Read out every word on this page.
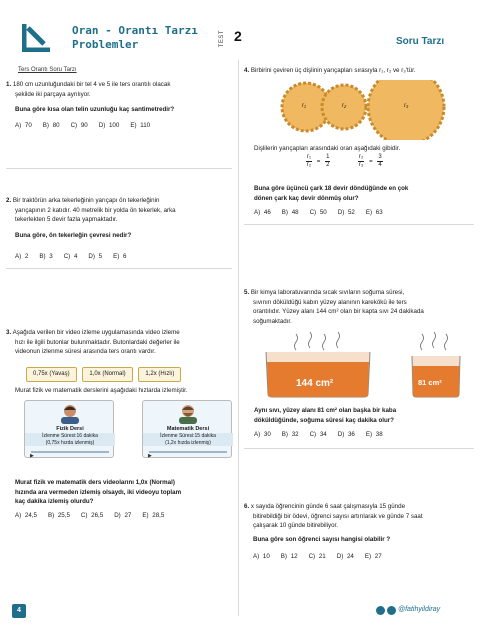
Oran - Orantı Tarzı
Problemler	TEST 2	Soru Tarzı
Ters Orantı Soru Tarzı
1. 180 cm uzunluğundaki bir tel 4 ve 5 ile ters orantılı olacak
şekilde iki parçaya ayrılıyor.
Buna göre kısa olan telin uzunluğu kaç santimetredir?
A) 70 B) 80 C) 90 D) 100 E) 110
2. Bir traktörün arka tekerleğinin yarıçapı ön tekerleğinin
yarıçapının 2 katıdır. 40 metrelik bir yolda ön tekerlek, arka
tekerlekten 5 devir fazla yapmaktadır.
Buna göre, ön tekerleğin çevresi nedir?
A) 2 B) 3 C) 4 D) 5 E) 6
3. Aşağıda verilen bir video izleme uygulamasında video izleme
hızı ile ilgili butonlar bulunmaktadır. Butonlardaki değerler ile
videonun izlenme süresi arasında ters orantı vardır.
0,75x (Yavaş)	1,0x (Normal)	1,2x (Hızlı)
Murat fizik ve matematik derslerini aşağıdaki hızlarda izlemiştir.
Fizik Dersi
İzlenme Süresi:16 dakika
(0,75x hızda izlenmiş)
▶
Matematik Dersi
İzlenme Süresi:15 dakika
(1,2x hızda izlenmiş)
▶
Murat fizik ve matematik ders videolarını 1,0x (Normal)
hızında ara vermeden izlemiş olsaydı, iki videoyu toplam
kaç dakika izlemiş olurdu?
A) 24,5 B) 25,5 C) 26,5 D) 27 E) 28,5
4. Birbirini çeviren üç dişlinin yarıçapları sırasıyla r₁, r₂ ve r₃'tür.
r₁	r₂	r₃
Dişlilerin yarıçapları arasındaki oran aşağıdaki gibidir.
$\frac{\text{r₁}}{\text{r₂}} = \frac{1}{2}$	$\frac{\text{r₂}}{\text{r₃}} = \frac{3}{4}$
Buna göre üçüncü çark 18 devir döndüğünde en çok
dönen çark kaç devir dönmüş olur?
A) 46 B) 48 C) 50 D) 52 E) 63
5. Bir kimya laboratuvarında sıcak sıvıların soğuma süresi,
sıvının döküldüğü kabın yüzey alanının karekökü ile ters
orantılıdır. Yüzey alanı 144 cm² olan bir kapta sıvı 24 dakikada
soğumaktadır.
144 cm²	81 cm²
Aynı sıvı, yüzey alanı 81 cm² olan başka bir kaba
döküldüğünde, soğuma süresi kaç dakika olur?
A) 30 B) 32 C) 34 D) 36 E) 38
6. x sayıda öğrencinin günde 6 saat çalışmasıyla 15 günde
bitirebildiği bir ödevi, öğrenci sayısı artırılarak ve günde 7 saat
çalışarak 10 günde bitirebiliyor.
Buna göre son öğrenci sayısı hangisi olabilir ?
A) 10 B) 12 C) 21 D) 24 E) 27
4
	@fatihyildiray
